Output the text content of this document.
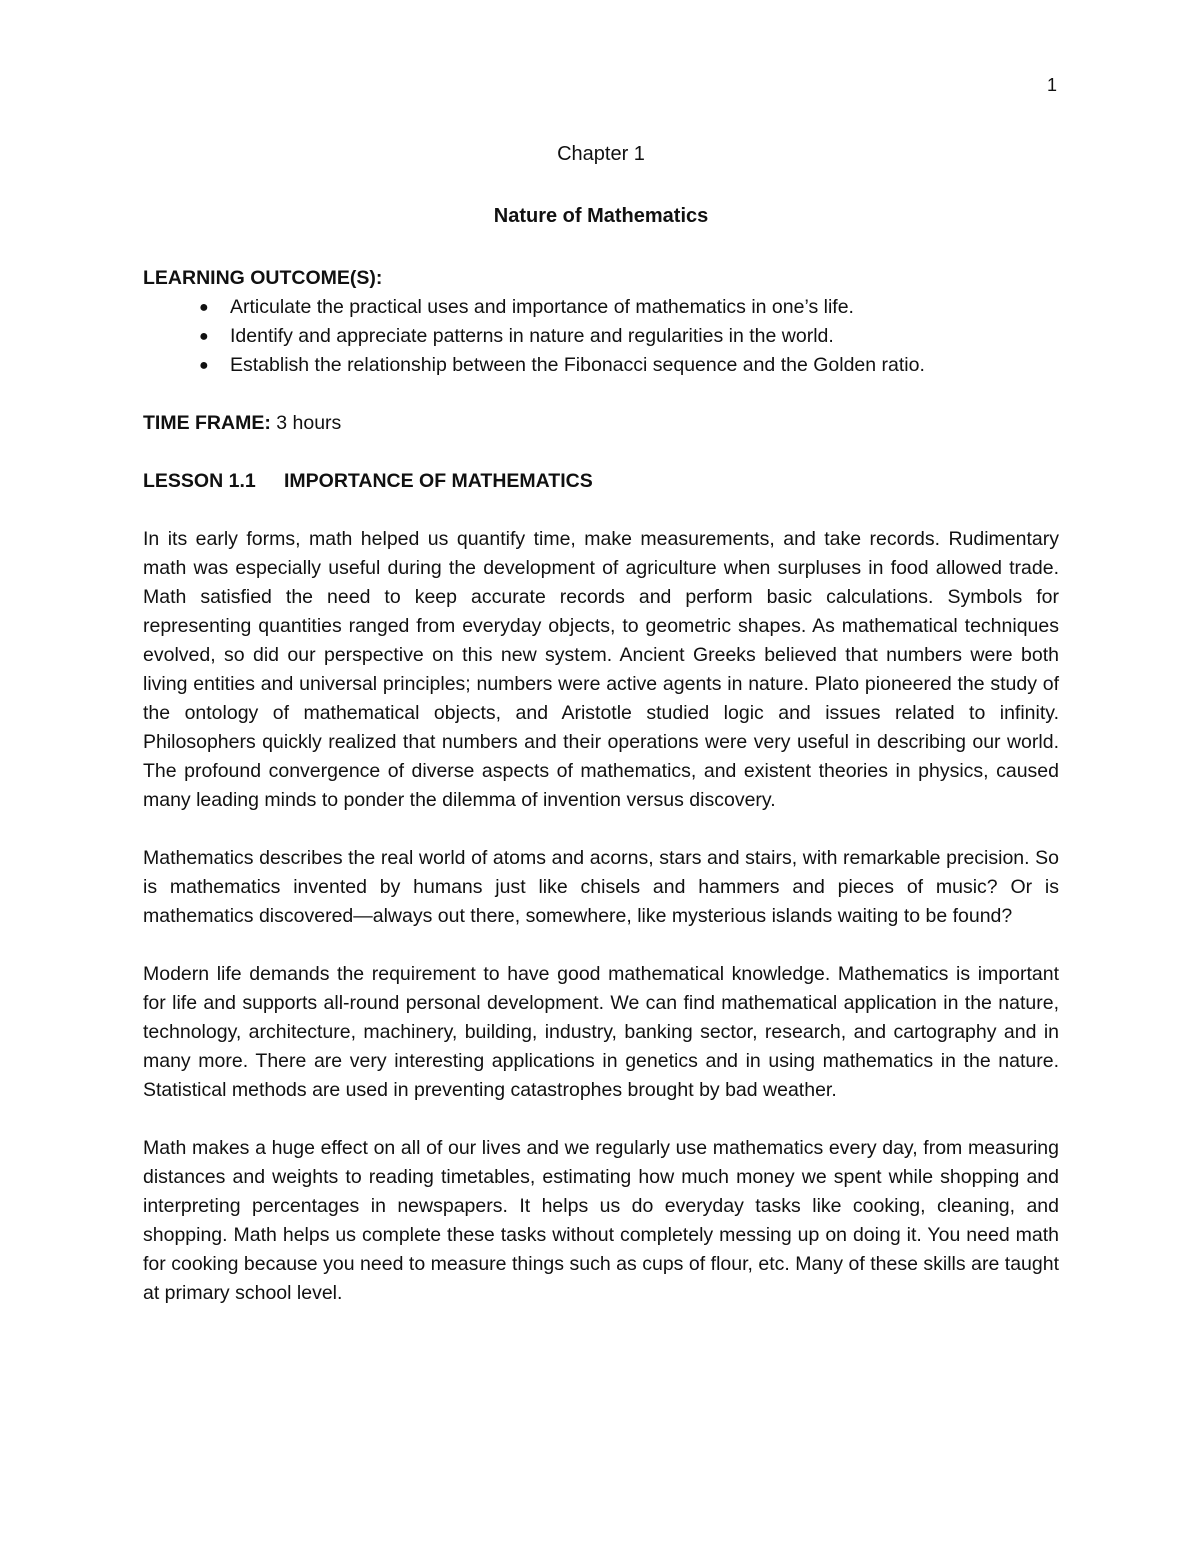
1
Chapter 1
Nature of Mathematics
LEARNING OUTCOME(S):
● Articulate the practical uses and importance of mathematics in one’s life.
● Identify and appreciate patterns in nature and regularities in the world.
● Establish the relationship between the Fibonacci sequence and the Golden ratio.
TIME FRAME: 3 hours
LESSON 1.1 IMPORTANCE OF MATHEMATICS

In its early forms, math helped us quantify time, make measurements, and take records. Rudimentary math was especially useful during the development of agriculture when surpluses in food allowed trade. Math satisfied the need to keep accurate records and perform basic calculations. Symbols for representing quantities ranged from everyday objects, to geometric shapes. As mathematical techniques evolved, so did our perspective on this new system. Ancient Greeks believed that numbers were both living entities and universal principles; numbers were active agents in nature. Plato pioneered the study of the ontology of mathematical objects, and Aristotle studied logic and issues related to infinity. Philosophers quickly realized that numbers and their operations were very useful in describing our world. The profound convergence of diverse aspects of mathematics, and existent theories in physics, caused many leading minds to ponder the dilemma of invention versus discovery.

Mathematics describes the real world of atoms and acorns, stars and stairs, with remarkable precision. So is mathematics invented by humans just like chisels and hammers and pieces of music? Or is mathematics discovered—always out there, somewhere, like mysterious islands waiting to be found?

Modern life demands the requirement to have good mathematical knowledge. Mathematics is important for life and supports all-round personal development. We can find mathematical application in the nature, technology, architecture, machinery, building, industry, banking sector, research, and cartography and in many more. There are very interesting applications in genetics and in using mathematics in the nature. Statistical methods are used in preventing catastrophes brought by bad weather.

Math makes a huge effect on all of our lives and we regularly use mathematics every day, from measuring distances and weights to reading timetables, estimating how much money we spent while shopping and interpreting percentages in newspapers. It helps us do everyday tasks like cooking, cleaning, and shopping. Math helps us complete these tasks without completely messing up on doing it. You need math for cooking because you need to measure things such as cups of flour, etc. Many of these skills are taught at primary school level.
